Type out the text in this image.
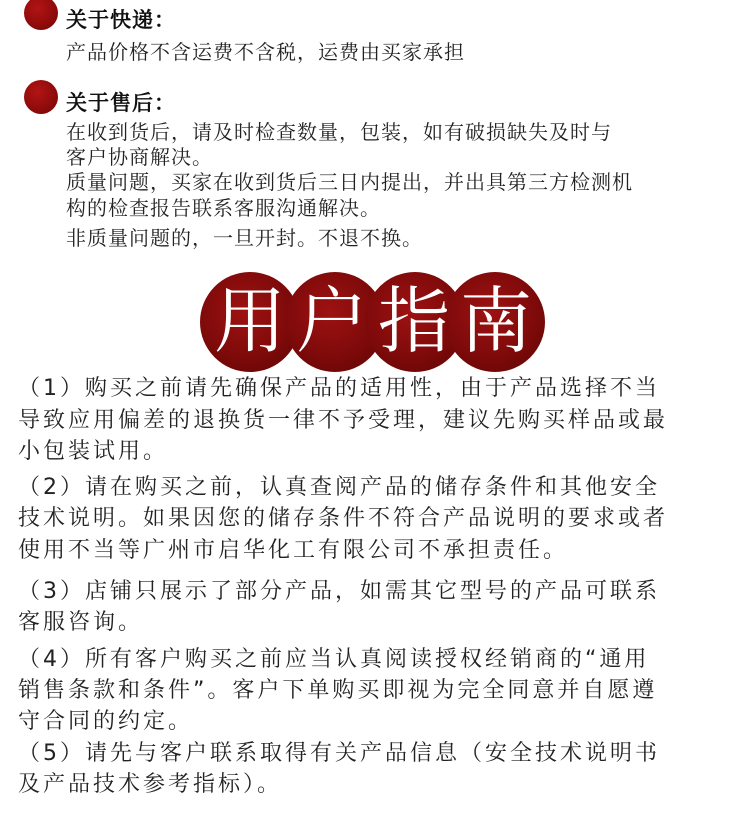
关于快递：
产品价格不含运费不含税，运费由买家承担
关于售后：
在收到货后，请及时检查数量，包装，如有破损缺失及时与
客户协商解决。
质量问题，买家在收到货后三日内提出，并出具第三方检测机
构的检查报告联系客服沟通解决。
非质量问题的，一旦开封。不退不换。
用 户 指 南
（1）购买之前请先确保产品的适用性，由于产品选择不当
导致应用偏差的退换货一律不予受理，建议先购买样品或最
小包装试用。
（2）请在购买之前，认真查阅产品的储存条件和其他安全
技术说明。如果因您的储存条件不符合产品说明的要求或者
使用不当等广州市启华化工有限公司不承担责任。
（3）店铺只展示了部分产品，如需其它型号的产品可联系
客服咨询。
（4）所有客户购买之前应当认真阅读授权经销商的“通用
销售条款和条件”。客户下单购买即视为完全同意并自愿遵
守合同的约定。
（5）请先与客户联系取得有关产品信息（安全技术说明书
及产品技术参考指标）。
